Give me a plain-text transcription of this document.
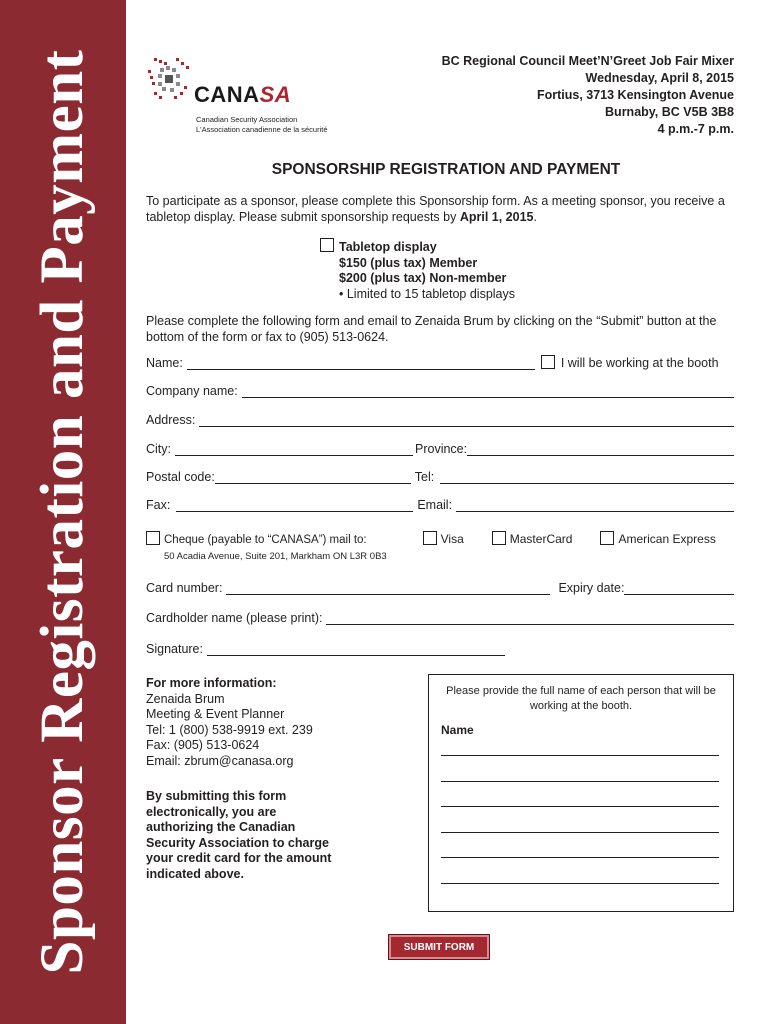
Sponsor Registration and Payment	CANASA
Canadian Security Association
L'Association canadienne de la sécurité
BC Regional Council Meet’N’Greet Job Fair Mixer
Wednesday, April 8, 2015
Fortius, 3713 Kensington Avenue
Burnaby, BC V5B 3B8
4 p.m.-7 p.m.
SPONSORSHIP REGISTRATION AND PAYMENT
To participate as a sponsor, please complete this Sponsorship form. As a meeting sponsor, you receive a tabletop display. Please submit sponsorship requests by April 1, 2015.
Tabletop display
$150 (plus tax) Member
$200 (plus tax) Non-member
• Limited to 15 tabletop displays
Please complete the following form and email to Zenaida Brum by clicking on the “Submit” button at the bottom of the form or fax to (905) 513-0624.
Name:	I will be working at the booth
Company name:
Address:
City:	Province:
Postal code:	Tel:
Fax:	Email:
Cheque (payable to “CANASA”) mail to:	Visa	MasterCard	American Express
50 Acadia Avenue, Suite 201, Markham ON L3R 0B3
Card number:	Expiry date:
Cardholder name (please print):
Signature:
For more information:
Zenaida Brum
Meeting & Event Planner
Tel: 1 (800) 538-9919 ext. 239
Fax: (905) 513-0624
Email: zbrum@canasa.org
By submitting this form electronically, you are authorizing the Canadian Security Association to charge your credit card for the amount indicated above.
Please provide the full name of each person that will be working at the booth.
Name
SUBMIT FORM
